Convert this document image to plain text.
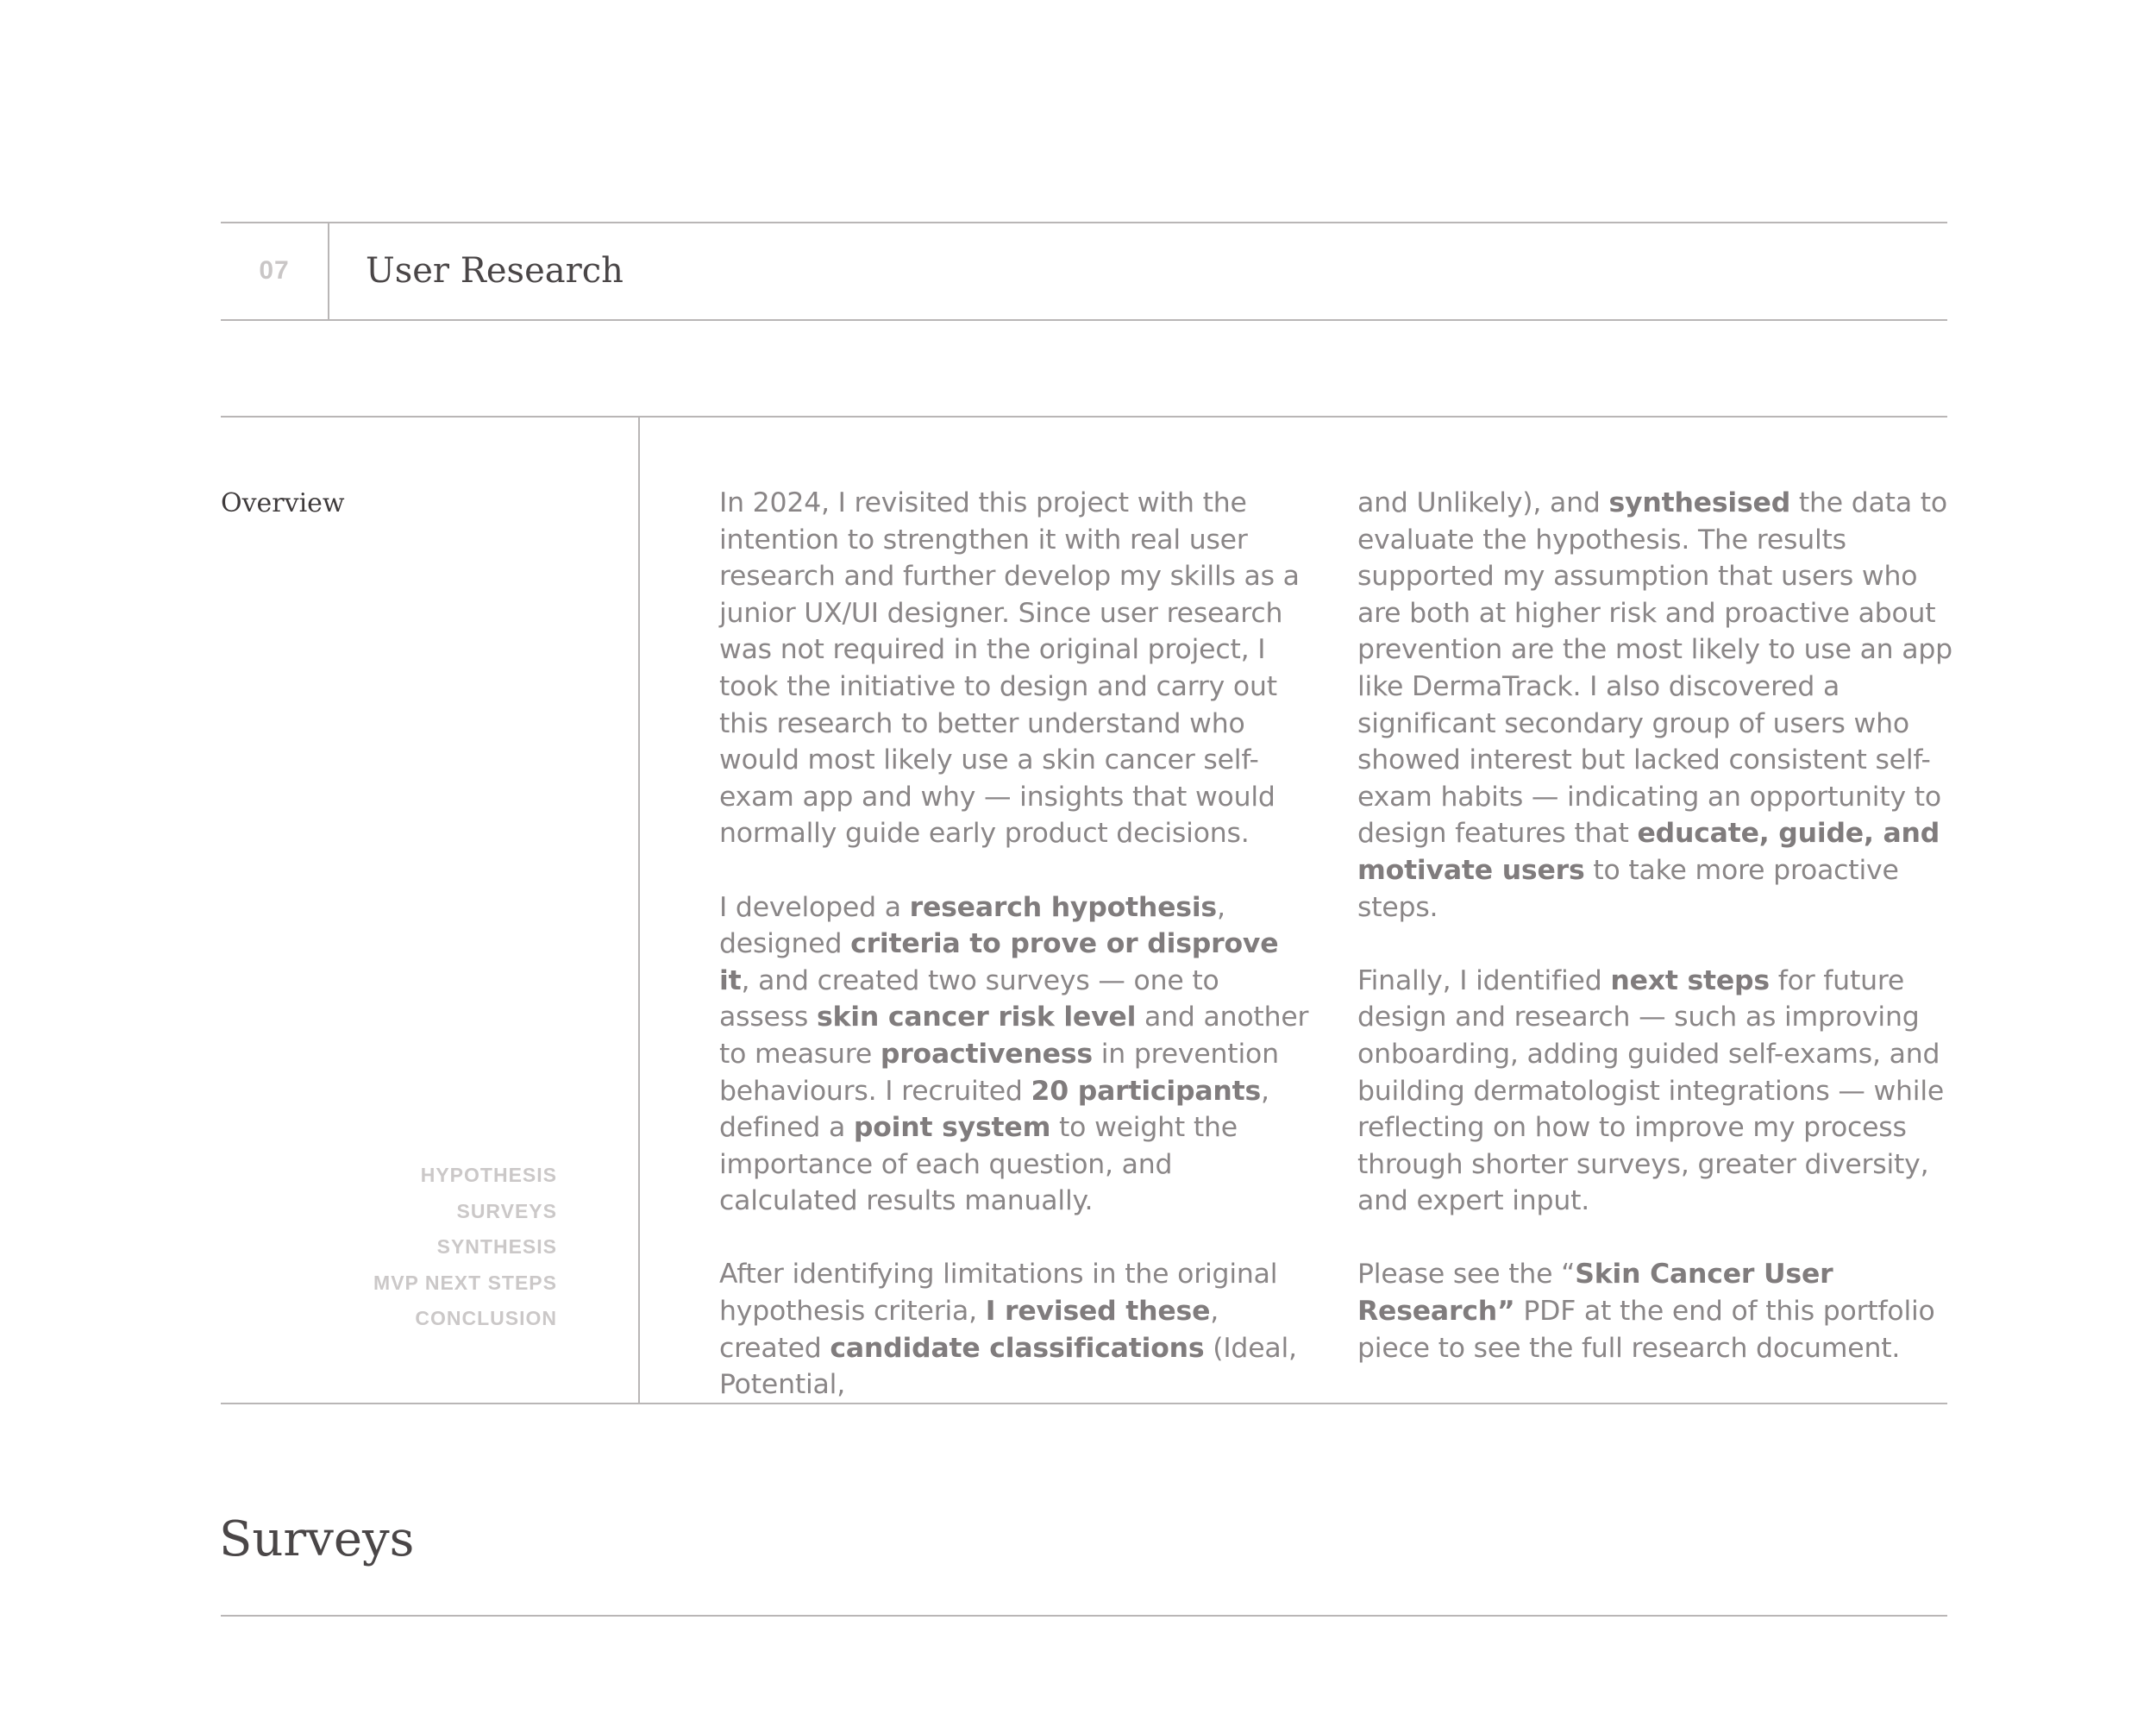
07	User Research
Overview
HYPOTHESIS
SURVEYS
SYNTHESIS
MVP NEXT STEPS
CONCLUSION

In 2024, I revisited this project with the intention to strengthen it with real user research and further develop my skills as a junior UX/UI designer. Since user research was not required in the original project, I took the initiative to design and carry out this research to better understand who would most likely use a skin cancer self-exam app and why — insights that would normally guide early product decisions.

I developed a research hypothesis, designed criteria to prove or disprove it, and created two surveys — one to assess skin cancer risk level and another to measure proactiveness in prevention behaviours. I recruited 20 participants, defined a point system to weight the importance of each question, and calculated results manually.

After identifying limitations in the original hypothesis criteria, I revised these, created candidate classifications (Ideal, Potential,

and Unlikely), and synthesised the data to evaluate the hypothesis. The results supported my assumption that users who are both at higher risk and proactive about prevention are the most likely to use an app like DermaTrack. I also discovered a significant secondary group of users who showed interest but lacked consistent self-exam habits — indicating an opportunity to design features that educate, guide, and motivate users to take more proactive steps.

Finally, I identified next steps for future design and research — such as improving onboarding, adding guided self-exams, and building dermatologist integrations — while reflecting on how to improve my process through shorter surveys, greater diversity, and expert input.

Please see the “Skin Cancer User Research” PDF at the end of this portfolio piece to see the full research document.

Surveys
